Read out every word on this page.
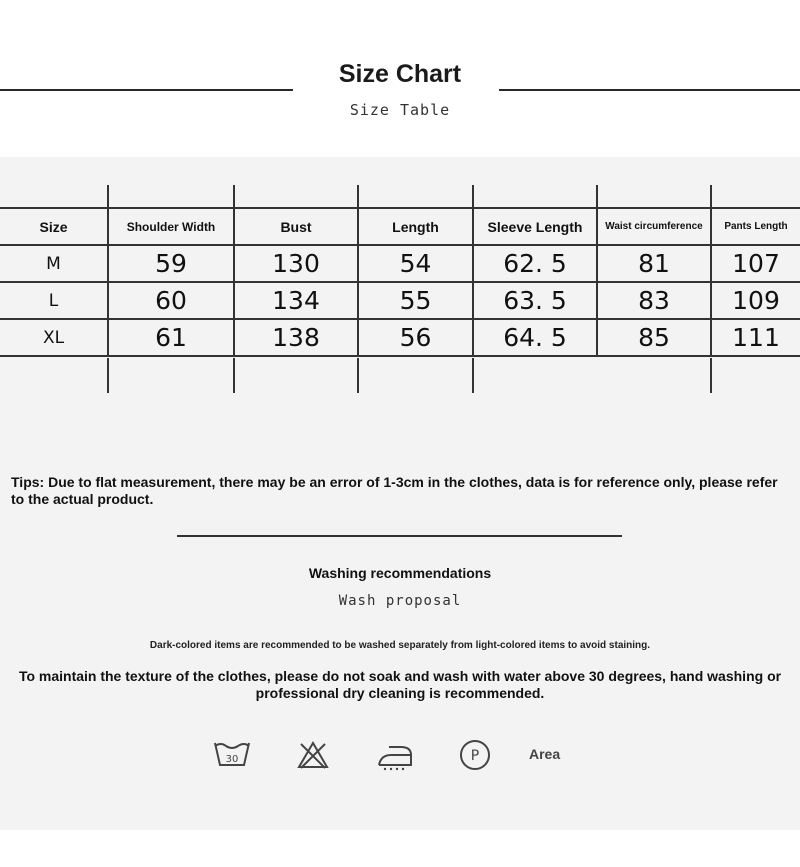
Size Chart
Size Table
Size	Shoulder Width	Bust	Length	Sleeve Length	Waist circumference	Pants Length
M	59	130	54	62. 5	81	107
L	60	134	55	63. 5	83	109
XL	61	138	56	64. 5	85	111
Tips: Due to flat measurement, there may be an error of 1-3cm in the clothes, data is for reference only, please refer to the actual product.
Washing recommendations
Wash proposal
Dark-colored items are recommended to be washed separately from light-colored items to avoid staining.
To maintain the texture of the clothes, please do not soak and wash with water above 30 degrees, hand washing or professional dry cleaning is recommended.
30	P	Area
